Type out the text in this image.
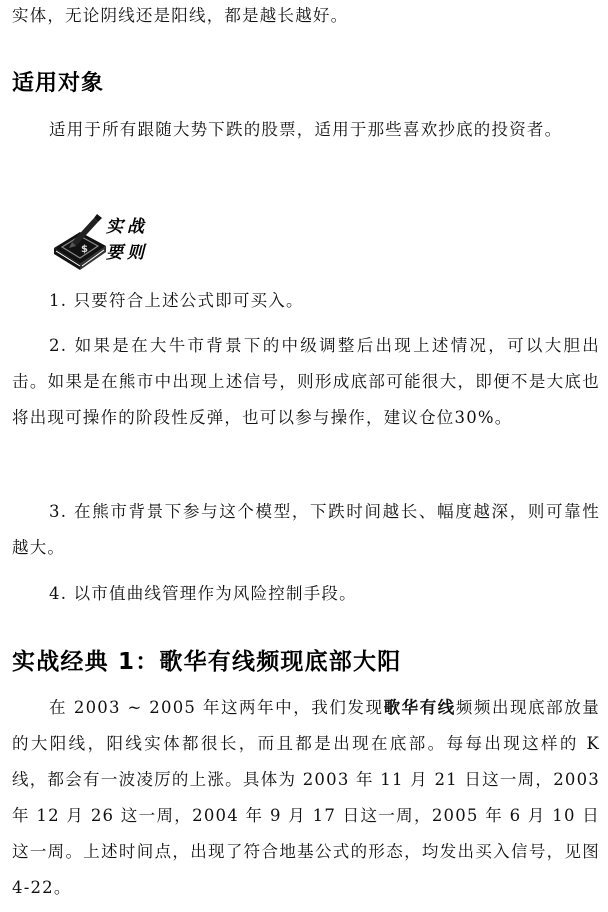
实体，无论阴线还是阳线，都是越长越好。

适用对象

适用于所有跟随大势下跌的股票，适用于那些喜欢抄底的投资者。

$
实战
要则

1. 只要符合上述公式即可买入。

2. 如果是在大牛市背景下的中级调整后出现上述情况，可以大胆出击。如果是在熊市中出现上述信号，则形成底部可能很大，即便不是大底也将出现可操作的阶段性反弹，也可以参与操作，建议仓位30%。

3. 在熊市背景下参与这个模型，下跌时间越长、幅度越深，则可靠性越大。

4. 以市值曲线管理作为风险控制手段。

实战经典 1：歌华有线频现底部大阳

在 2003 ~ 2005 年这两年中，我们发现歌华有线频频出现底部放量的大阳线，阳线实体都很长，而且都是出现在底部。每每出现这样的 K 线，都会有一波凌厉的上涨。具体为 2003 年 11 月 21 日这一周，2003 年 12 月 26 这一周，2004 年 9 月 17 日这一周，2005 年 6 月 10 日这一周。上述时间点，出现了符合地基公式的形态，均发出买入信号，见图 4-22。
